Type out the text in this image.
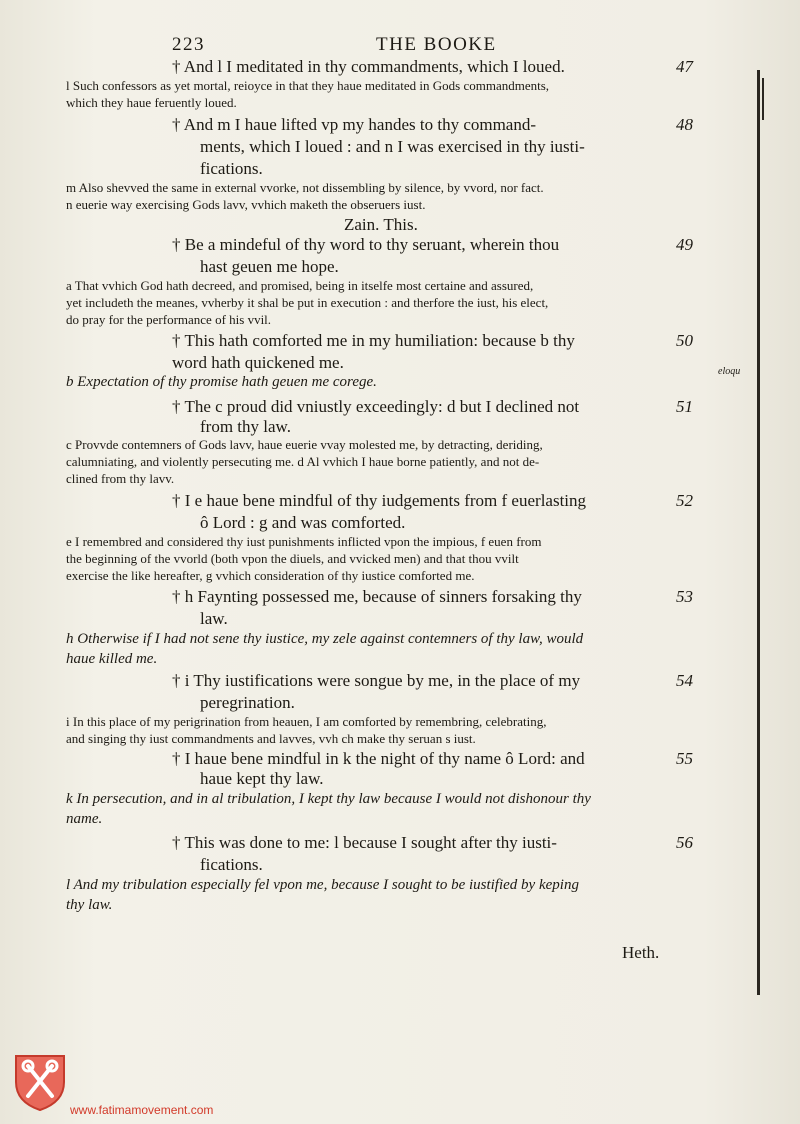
223	THE BOOKE
† And l I meditated in thy commandments, which I loued.
l Such confessors as yet mortal, reioyce in that they haue meditated in Gods commandments,
which they haue feruently loued.
† And m I haue lifted vp my handes to thy command-
ments, which I loued : and n I was exercised in thy iusti-
fications.
m Also shevved the same in external vvorke, not dissembling by silence, by vvord, nor fact.
n euerie way exercising Gods lavv, vvhich maketh the obseruers iust.
Zain. This.
† Be a mindeful of thy word to thy seruant, wherein thou
hast geuen me hope.
a That vvhich God hath decreed, and promised, being in itselfe most certaine and assured,
yet includeth the meanes, vvherby it shal be put in execution : and therfore the iust, his elect,
do pray for the performance of his vvil.
† This hath comforted me in my humiliation: because b thy
word hath quickened me.
b Expectation of thy promise hath geuen me corege.
† The c proud did vniustly exceedingly: d but I declined not
from thy law.
c Provvde contemners of Gods lavv, haue euerie vvay molested me, by detracting, deriding,
calumniating, and violently persecuting me. d Al vvhich I haue borne patiently, and not de-
clined from thy lavv.
† I e haue bene mindful of thy iudgements from f euerlasting
ô Lord : g and was comforted.
e I remembred and considered thy iust punishments inflicted vpon the impious, f euen from
the beginning of the vvorld (both vpon the diuels, and vvicked men) and that thou vvilt
exercise the like hereafter, g vvhich consideration of thy iustice comforted me.
† h Faynting possessed me, because of sinners forsaking thy
law.
h Otherwise if I had not sene thy iustice, my zele against contemners of thy law, would
haue killed me.
† i Thy iustifications were songue by me, in the place of my
peregrination.
i In this place of my perigrination from heauen, I am comforted by remembring, celebrating,
and singing thy iust commandments and lavves, vvh ch make thy seruan s iust.
† I haue bene mindful in k the night of thy name ô Lord: and
haue kept thy law.
k In persecution, and in al tribulation, I kept thy law because I would not dishonour thy
name.
† This was done to me: l because I sought after thy iusti-
fications.
l And my tribulation especially fel vpon me, because I sought to be iustified by keping
thy law.
Heth.
47
48
49
50
51
52
53
54
55
56
eloqu
www.fatimamovement.com
